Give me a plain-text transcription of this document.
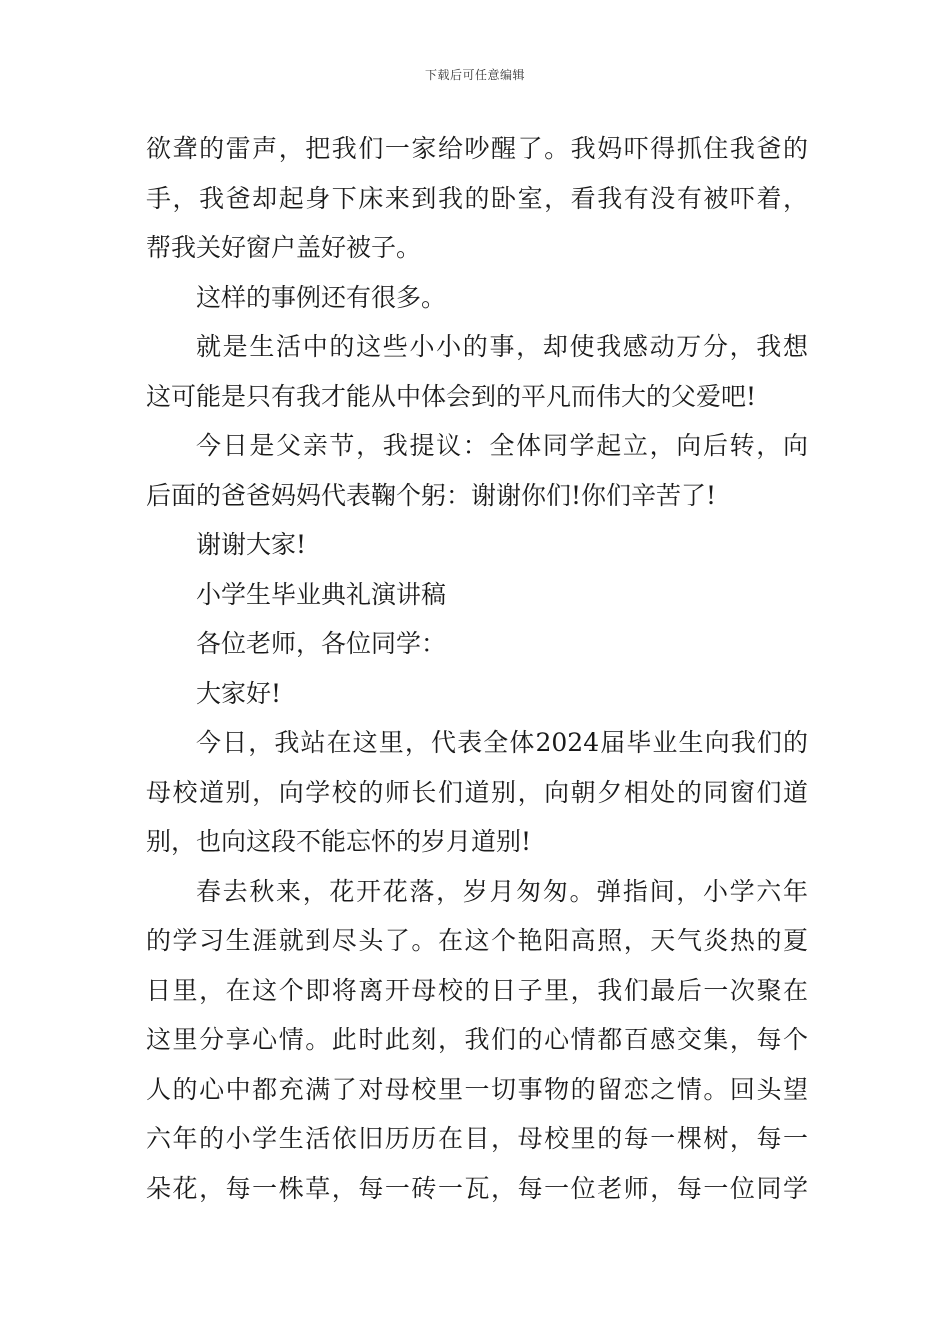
下载后可任意编辑
欲聋的雷声，把我们一家给吵醒了。我妈吓得抓住我爸的
手，我爸却起身下床来到我的卧室，看我有没有被吓着，
帮我关好窗户盖好被子。
这样的事例还有很多。
就是生活中的这些小小的事，却使我感动万分，我想
这可能是只有我才能从中体会到的平凡而伟大的父爱吧!
今日是父亲节，我提议：全体同学起立，向后转，向
后面的爸爸妈妈代表鞠个躬：谢谢你们!你们辛苦了!
谢谢大家!
小学生毕业典礼演讲稿
各位老师，各位同学：
大家好!
今日，我站在这里，代表全体2024届毕业生向我们的
母校道别，向学校的师长们道别，向朝夕相处的同窗们道
别，也向这段不能忘怀的岁月道别!
春去秋来，花开花落，岁月匆匆。弹指间，小学六年
的学习生涯就到尽头了。在这个艳阳高照，天气炎热的夏
日里，在这个即将离开母校的日子里，我们最后一次聚在
这里分享心情。此时此刻，我们的心情都百感交集，每个
人的心中都充满了对母校里一切事物的留恋之情。回头望
六年的小学生活依旧历历在目，母校里的每一棵树，每一
朵花，每一株草，每一砖一瓦，每一位老师，每一位同学
